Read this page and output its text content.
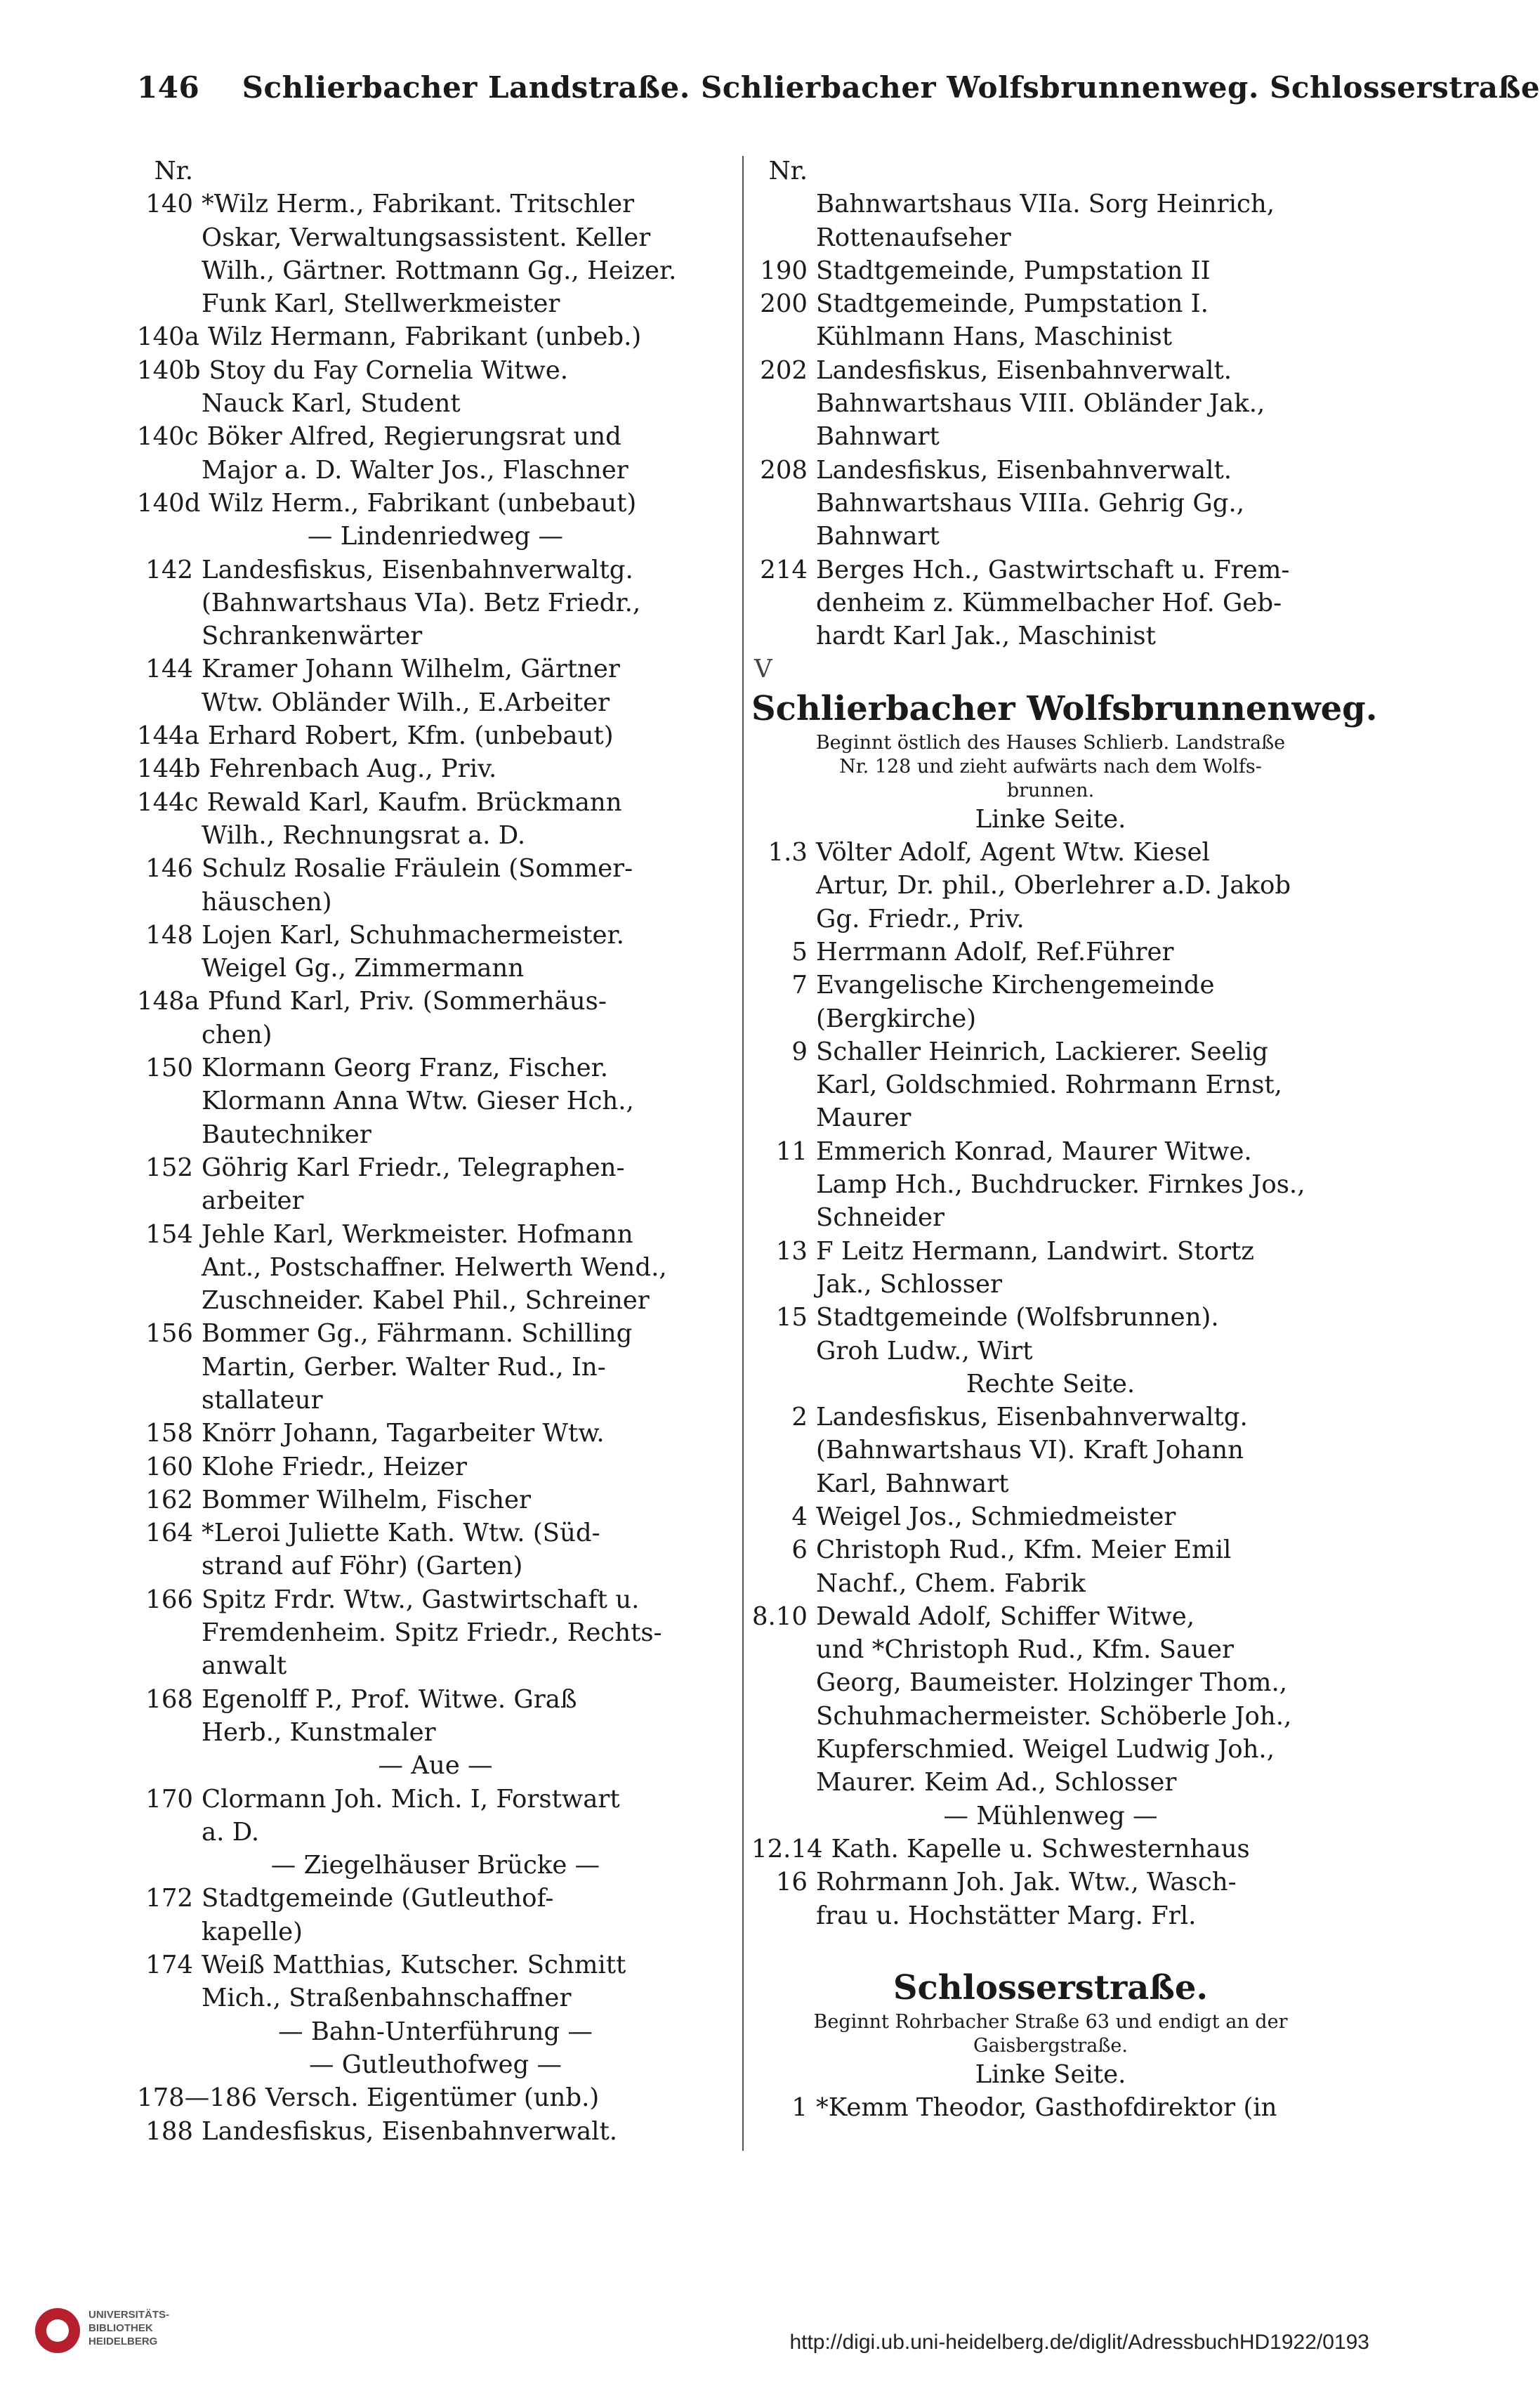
146 Schlierbacher Landstraße. Schlierbacher Wolfsbrunnenweg. Schlosserstraße
Nr.
140 *Wilz Herm., Fabrikant. Tritschler
Oskar, Verwaltungsassistent. Keller
Wilh., Gärtner. Rottmann Gg., Heizer.
Funk Karl, Stellwerkmeister
140a Wilz Hermann, Fabrikant (unbeb.)
140b Stoy du Fay Cornelia Witwe.
Nauck Karl, Student
140c Böker Alfred, Regierungsrat und
Major a. D. Walter Jos., Flaschner
140d Wilz Herm., Fabrikant (unbebaut)
— Lindenriedweg —
142 Landesfiskus, Eisenbahnverwaltg.
(Bahnwartshaus VIa). Betz Friedr.,
Schrankenwärter
144 Kramer Johann Wilhelm, Gärtner
Wtw. Obländer Wilh., E.Arbeiter
144a Erhard Robert, Kfm. (unbebaut)
144b Fehrenbach Aug., Priv.
144c Rewald Karl, Kaufm. Brückmann
Wilh., Rechnungsrat a. D.
146 Schulz Rosalie Fräulein (Sommer-
häuschen)
148 Lojen Karl, Schuhmachermeister.
Weigel Gg., Zimmermann
148a Pfund Karl, Priv. (Sommerhäus-
chen)
150 Klormann Georg Franz, Fischer.
Klormann Anna Wtw. Gieser Hch.,
Bautechniker
152 Göhrig Karl Friedr., Telegraphen-
arbeiter
154 Jehle Karl, Werkmeister. Hofmann
Ant., Postschaffner. Helwerth Wend.,
Zuschneider. Kabel Phil., Schreiner
156 Bommer Gg., Fährmann. Schilling
Martin, Gerber. Walter Rud., In-
stallateur
158 Knörr Johann, Tagarbeiter Wtw.
160 Klohe Friedr., Heizer
162 Bommer Wilhelm, Fischer
164 *Leroi Juliette Kath. Wtw. (Süd-
strand auf Föhr) (Garten)
166 Spitz Frdr. Wtw., Gastwirtschaft u.
Fremdenheim. Spitz Friedr., Rechts-
anwalt
168 Egenolff P., Prof. Witwe. Graß
Herb., Kunstmaler
— Aue —
170 Clormann Joh. Mich. I, Forstwart
a. D.
— Ziegelhäuser Brücke —
172 Stadtgemeinde (Gutleuthof-
kapelle)
174 Weiß Matthias, Kutscher. Schmitt
Mich., Straßenbahnschaffner
— Bahn-Unterführung —
— Gutleuthofweg —
178—186 Versch. Eigentümer (unb.)
188 Landesfiskus, Eisenbahnverwalt.
Nr.
Bahnwartshaus VIIa. Sorg Heinrich,
Rottenaufseher
190 Stadtgemeinde, Pumpstation II
200 Stadtgemeinde, Pumpstation I.
Kühlmann Hans, Maschinist
202 Landesfiskus, Eisenbahnverwalt.
Bahnwartshaus VIII. Obländer Jak.,
Bahnwart
208 Landesfiskus, Eisenbahnverwalt.
Bahnwartshaus VIIIa. Gehrig Gg.,
Bahnwart
214 Berges Hch., Gastwirtschaft u. Frem-
denheim z. Kümmelbacher Hof. Geb-
hardt Karl Jak., Maschinist
V
Schlierbacher Wolfsbrunnenweg.
Beginnt östlich des Hauses Schlierb. Landstraße
Nr. 128 und zieht aufwärts nach dem Wolfs-
brunnen.
Linke Seite.
1.3 Völter Adolf, Agent Wtw. Kiesel
Artur, Dr. phil., Oberlehrer a.D. Jakob
Gg. Friedr., Priv.
5 Herrmann Adolf, Ref.Führer
7 Evangelische Kirchengemeinde
(Bergkirche)
9 Schaller Heinrich, Lackierer. Seelig
Karl, Goldschmied. Rohrmann Ernst,
Maurer
11 Emmerich Konrad, Maurer Witwe.
Lamp Hch., Buchdrucker. Firnkes Jos.,
Schneider
13 F Leitz Hermann, Landwirt. Stortz
Jak., Schlosser
15 Stadtgemeinde (Wolfsbrunnen).
Groh Ludw., Wirt
Rechte Seite.
2 Landesfiskus, Eisenbahnverwaltg.
(Bahnwartshaus VI). Kraft Johann
Karl, Bahnwart
4 Weigel Jos., Schmiedmeister
6 Christoph Rud., Kfm. Meier Emil
Nachf., Chem. Fabrik
8.10 Dewald Adolf, Schiffer Witwe,
und *Christoph Rud., Kfm. Sauer
Georg, Baumeister. Holzinger Thom.,
Schuhmachermeister. Schöberle Joh.,
Kupferschmied. Weigel Ludwig Joh.,
Maurer. Keim Ad., Schlosser
— Mühlenweg —
12.14 Kath. Kapelle u. Schwesternhaus
16 Rohrmann Joh. Jak. Wtw., Wasch-
frau u. Hochstätter Marg. Frl.
Schlosserstraße.
Beginnt Rohrbacher Straße 63 und endigt an der
Gaisbergstraße.
Linke Seite.
1 *Kemm Theodor, Gasthofdirektor (in
UNIVERSITÄTS-
BIBLIOTHEK
HEIDELBERG	http://digi.ub.uni-heidelberg.de/diglit/AdressbuchHD1922/0193
